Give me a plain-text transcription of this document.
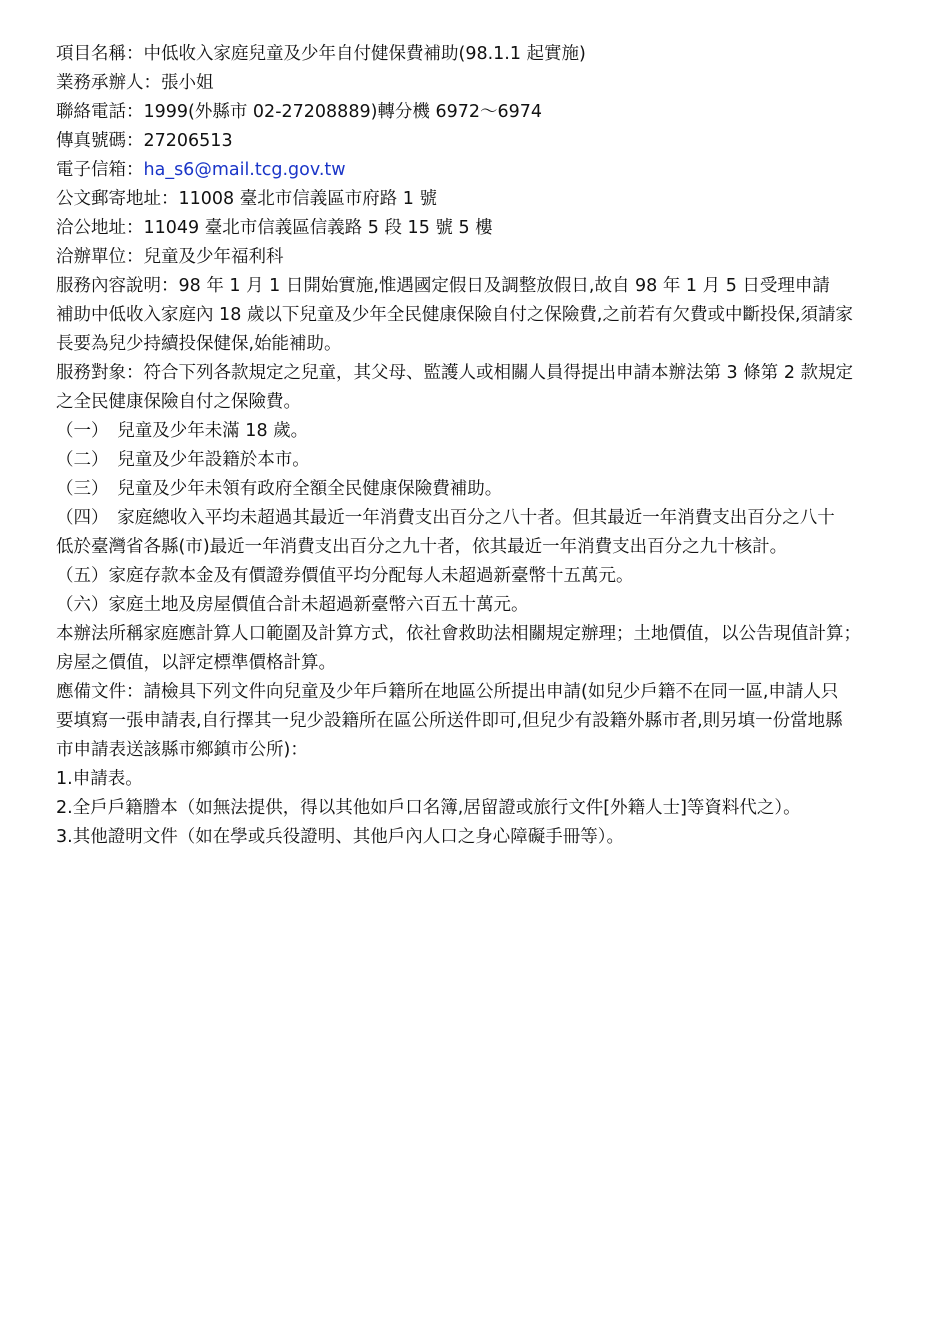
項目名稱：中低收入家庭兒童及少年自付健保費補助(98.1.1 起實施)
業務承辦人：張小姐
聯絡電話：1999(外縣市 02-27208889)轉分機 6972〜6974
傳真號碼：27206513
電子信箱：ha_s6@mail.tcg.gov.tw
公文郵寄地址：11008 臺北市信義區市府路 1 號
洽公地址：11049 臺北市信義區信義路 5 段 15 號 5 樓
洽辦單位：兒童及少年福利科
服務內容說明：98 年 1 月 1 日開始實施,惟遇國定假日及調整放假日,故自 98 年 1 月 5 日受理申請
補助中低收入家庭內 18 歲以下兒童及少年全民健康保險自付之保險費,之前若有欠費或中斷投保,須請家
長要為兒少持續投保健保,始能補助。
服務對象：符合下列各款規定之兒童，其父母、監護人或相關人員得提出申請本辦法第 3 條第 2 款規定
之全民健康保險自付之保險費。
（一）　兒童及少年未滿 18 歲。
（二）　兒童及少年設籍於本市。
（三）　兒童及少年未領有政府全額全民健康保險費補助。
（四）　家庭總收入平均未超過其最近一年消費支出百分之八十者。但其最近一年消費支出百分之八十
低於臺灣省各縣(市)最近一年消費支出百分之九十者，依其最近一年消費支出百分之九十核計。
（五）家庭存款本金及有價證券價值平均分配每人未超過新臺幣十五萬元。
（六）家庭土地及房屋價值合計未超過新臺幣六百五十萬元。
本辦法所稱家庭應計算人口範圍及計算方式，依社會救助法相關規定辦理；土地價值，以公告現值計算；
房屋之價值，以評定標準價格計算。
應備文件：請檢具下列文件向兒童及少年戶籍所在地區公所提出申請(如兒少戶籍不在同一區,申請人只
要填寫一張申請表,自行擇其一兒少設籍所在區公所送件即可,但兒少有設籍外縣市者,則另填一份當地縣
市申請表送該縣市鄉鎮市公所)：
1.申請表。
2.全戶戶籍謄本（如無法提供，得以其他如戶口名簿,居留證或旅行文件[外籍人士]等資料代之）。
3.其他證明文件（如在學或兵役證明、其他戶內人口之身心障礙手冊等）。
